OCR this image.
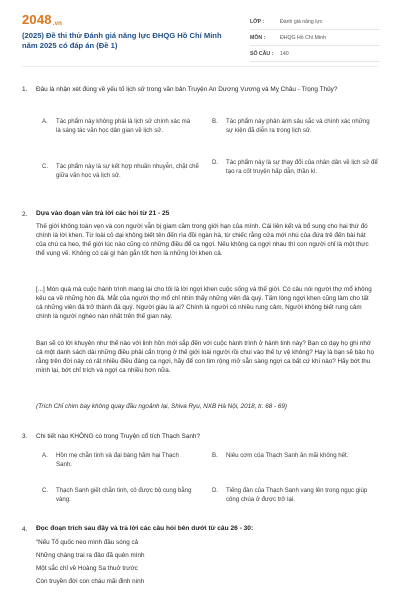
2048.vn
(2025) Đề thi thử Đánh giá năng lực ĐHQG Hồ Chí Minh năm 2025 có đáp án (Đề 1)
LỚP :	Đánh giá năng lực
MÔN :	ĐHQG Hồ Chí Minh
SỐ CÂU :	140
1.	Đâu là nhận xét đúng về yếu tố lịch sử trong văn bản Truyện An Dương Vương và Mỵ Châu - Trọng Thủy?
A.	Tác phẩm này không phải là lịch sử chính xác mà là sáng tác văn học dân gian về lịch sử.
B.	Tác phẩm này phản ánh sâu sắc và chính xác những sự kiện đã diễn ra trong lịch sử.
C.	Tác phẩm này là sự kết hợp nhuần nhuyễn, chặt chẽ giữa văn học và lịch sử.
D.	Tác phẩm này là sự thay đổi của nhân dân về lịch sử để tạo ra cốt truyện hấp dẫn, thần kì.
2.	Dựa vào đoạn văn trả lời các hỏi từ 21 - 25
Thế giới không toàn vẹn và con người vẫn bị giam cầm trong giới hạn của mình. Cái liên kết và bổ sung cho hai thứ đó chính là lời khen. Từ loài cỏ dại không biết tên đến rìa đồi ngàn hà, từ chiếc rằng cửa mới nhú của đứa trẻ đến bài hát của chú ca heo, thế giới lúc nào cũng có những điều để ca ngợi. Nếu không ca ngợi nhau thì con người chỉ là một thực thể vụng về. Không có cái gì hàn gắn tốt hơn là những lời khen cả.
[...] Món quà mà cuộc hành trình mang lại cho tôi là lời ngợi khen cuộc sống và thế giới. Có câu nói người thợ mổ không kêu ca về những hòn đá. Mắt của người thợ mổ chỉ nhìn thấy những viên đá quý. Tấm lòng ngợi khen cũng làm cho tất cả những viên đá trở thành đá quý. Người giàu là ai? Chính là người có nhiều rung cảm. Người không biết rung cảm chính là người nghèo nàn nhất trên thế gian này.
Bạn sẽ có lời khuyên như thế nào với linh hồn mới sắp đến với cuộc hành trình ở hành tinh này? Bạn có dạy họ ghi nhớ cả một danh sách dài những điều phải cẩn trọng ở thế giới loài người rồi chui vào thế tự vệ không? Hay là bạn sẽ bảo họ rằng trên đời này có rất nhiều điều đáng ca ngợi, hãy để con tim rộng mở sẵn sàng ngợi ca bất cứ khi nào? Hãy bớt thu mình lại, bớt chỉ trích và ngợi ca nhiều hơn nữa.
(Trích Chỉ chim bay không quay đầu ngoảnh lại, Shiva Ryu, NXB Hà Nội, 2018, tr. 68 - 69)
3.	Chi tiết nào KHÔNG có trong Truyện cổ tích Thạch Sanh?
A.	Hồn mẹ chằn tinh và đại bàng hãm hại Thạch Sanh.
B.	Niêu cơm của Thạch Sanh ăn mãi không hết.
C.	Thạch Sanh giết chằn tinh, cô được bộ cung bằng vàng.
D.	Tiếng đàn của Thạch Sanh vang lên trong ngục giúp công chúa ở được trở lại.
4.	Đọc đoạn trích sau đây và trả lời các câu hỏi bên dưới từ câu 26 - 30:
“Nếu Tổ quốc neo mình đầu sóng cả
Những chàng trai ra đảo đã quên mình
Một sắc chỉ về Hoàng Sa thuở trước
Còn truyền đời con cháu mãi đinh ninh
